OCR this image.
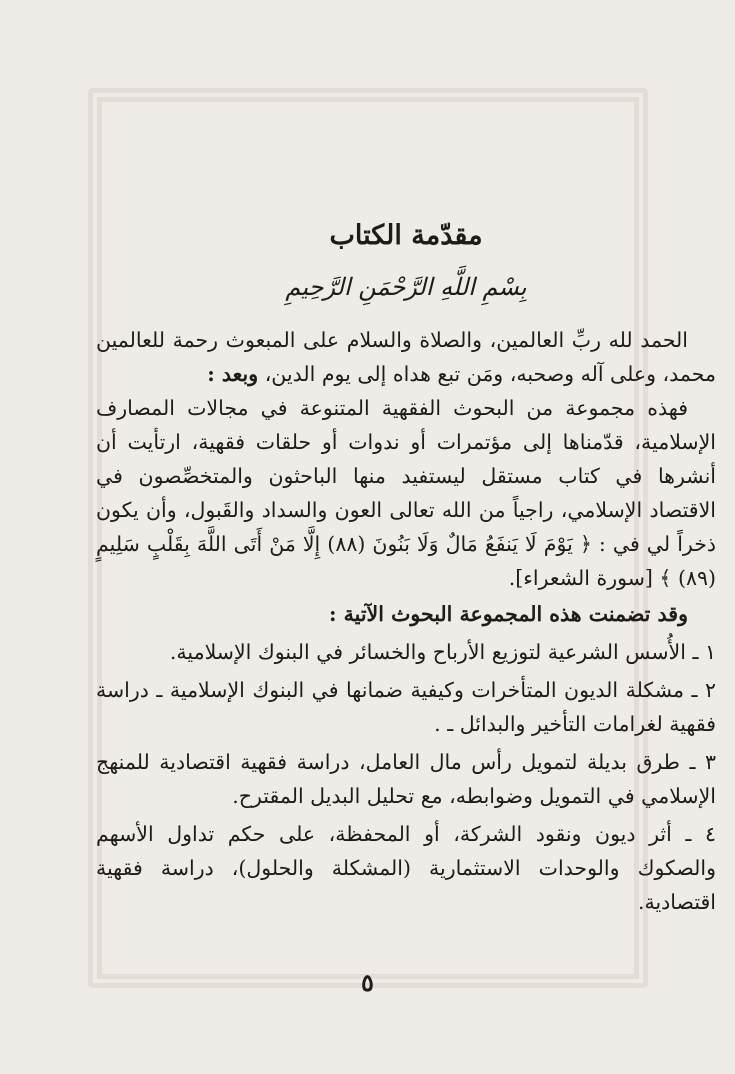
مقدّمة الكتاب
بِسْمِ اللَّهِ الرَّحْمَنِ الرَّحِيمِ

الحمد لله ربِّ العالمين، والصلاة والسلام على المبعوث رحمة للعالمين محمد، وعلى آله وصحبه، ومَن تبع هداه إلى يوم الدين، وبعد :

فهذه مجموعة من البحوث الفقهية المتنوعة في مجالات المصارف الإسلامية، قدّمناها إلى مؤتمرات أو ندوات أو حلقات فقهية، ارتأيت أن أنشرها في كتاب مستقل ليستفيد منها الباحثون والمتخصِّصون في الاقتصاد الإسلامي، راجياً من الله تعالى العون والسداد والقَبول، وأن يكون ذخراً لي في : ﴿ يَوْمَ لَا يَنفَعُ مَالٌ وَلَا بَنُونَ (٨٨) إِلَّا مَنْ أَتَى اللَّهَ بِقَلْبٍ سَلِيمٍ (٨٩) ﴾ [سورة الشعراء].

وقد تضمنت هذه المجموعة البحوث الآتية :

١ ـ الأُسس الشرعية لتوزيع الأرباح والخسائر في البنوك الإسلامية.

٢ ـ مشكلة الديون المتأخرات وكيفية ضمانها في البنوك الإسلامية ـ دراسة فقهية لغرامات التأخير والبدائل ـ .

٣ ـ طرق بديلة لتمويل رأس مال العامل، دراسة فقهية اقتصادية للمنهج الإسلامي في التمويل وضوابطه، مع تحليل البديل المقترح.

٤ ـ أثر ديون ونقود الشركة، أو المحفظة، على حكم تداول الأسهم والصكوك والوحدات الاستثمارية (المشكلة والحلول)، دراسة فقهية اقتصادية.

٥
